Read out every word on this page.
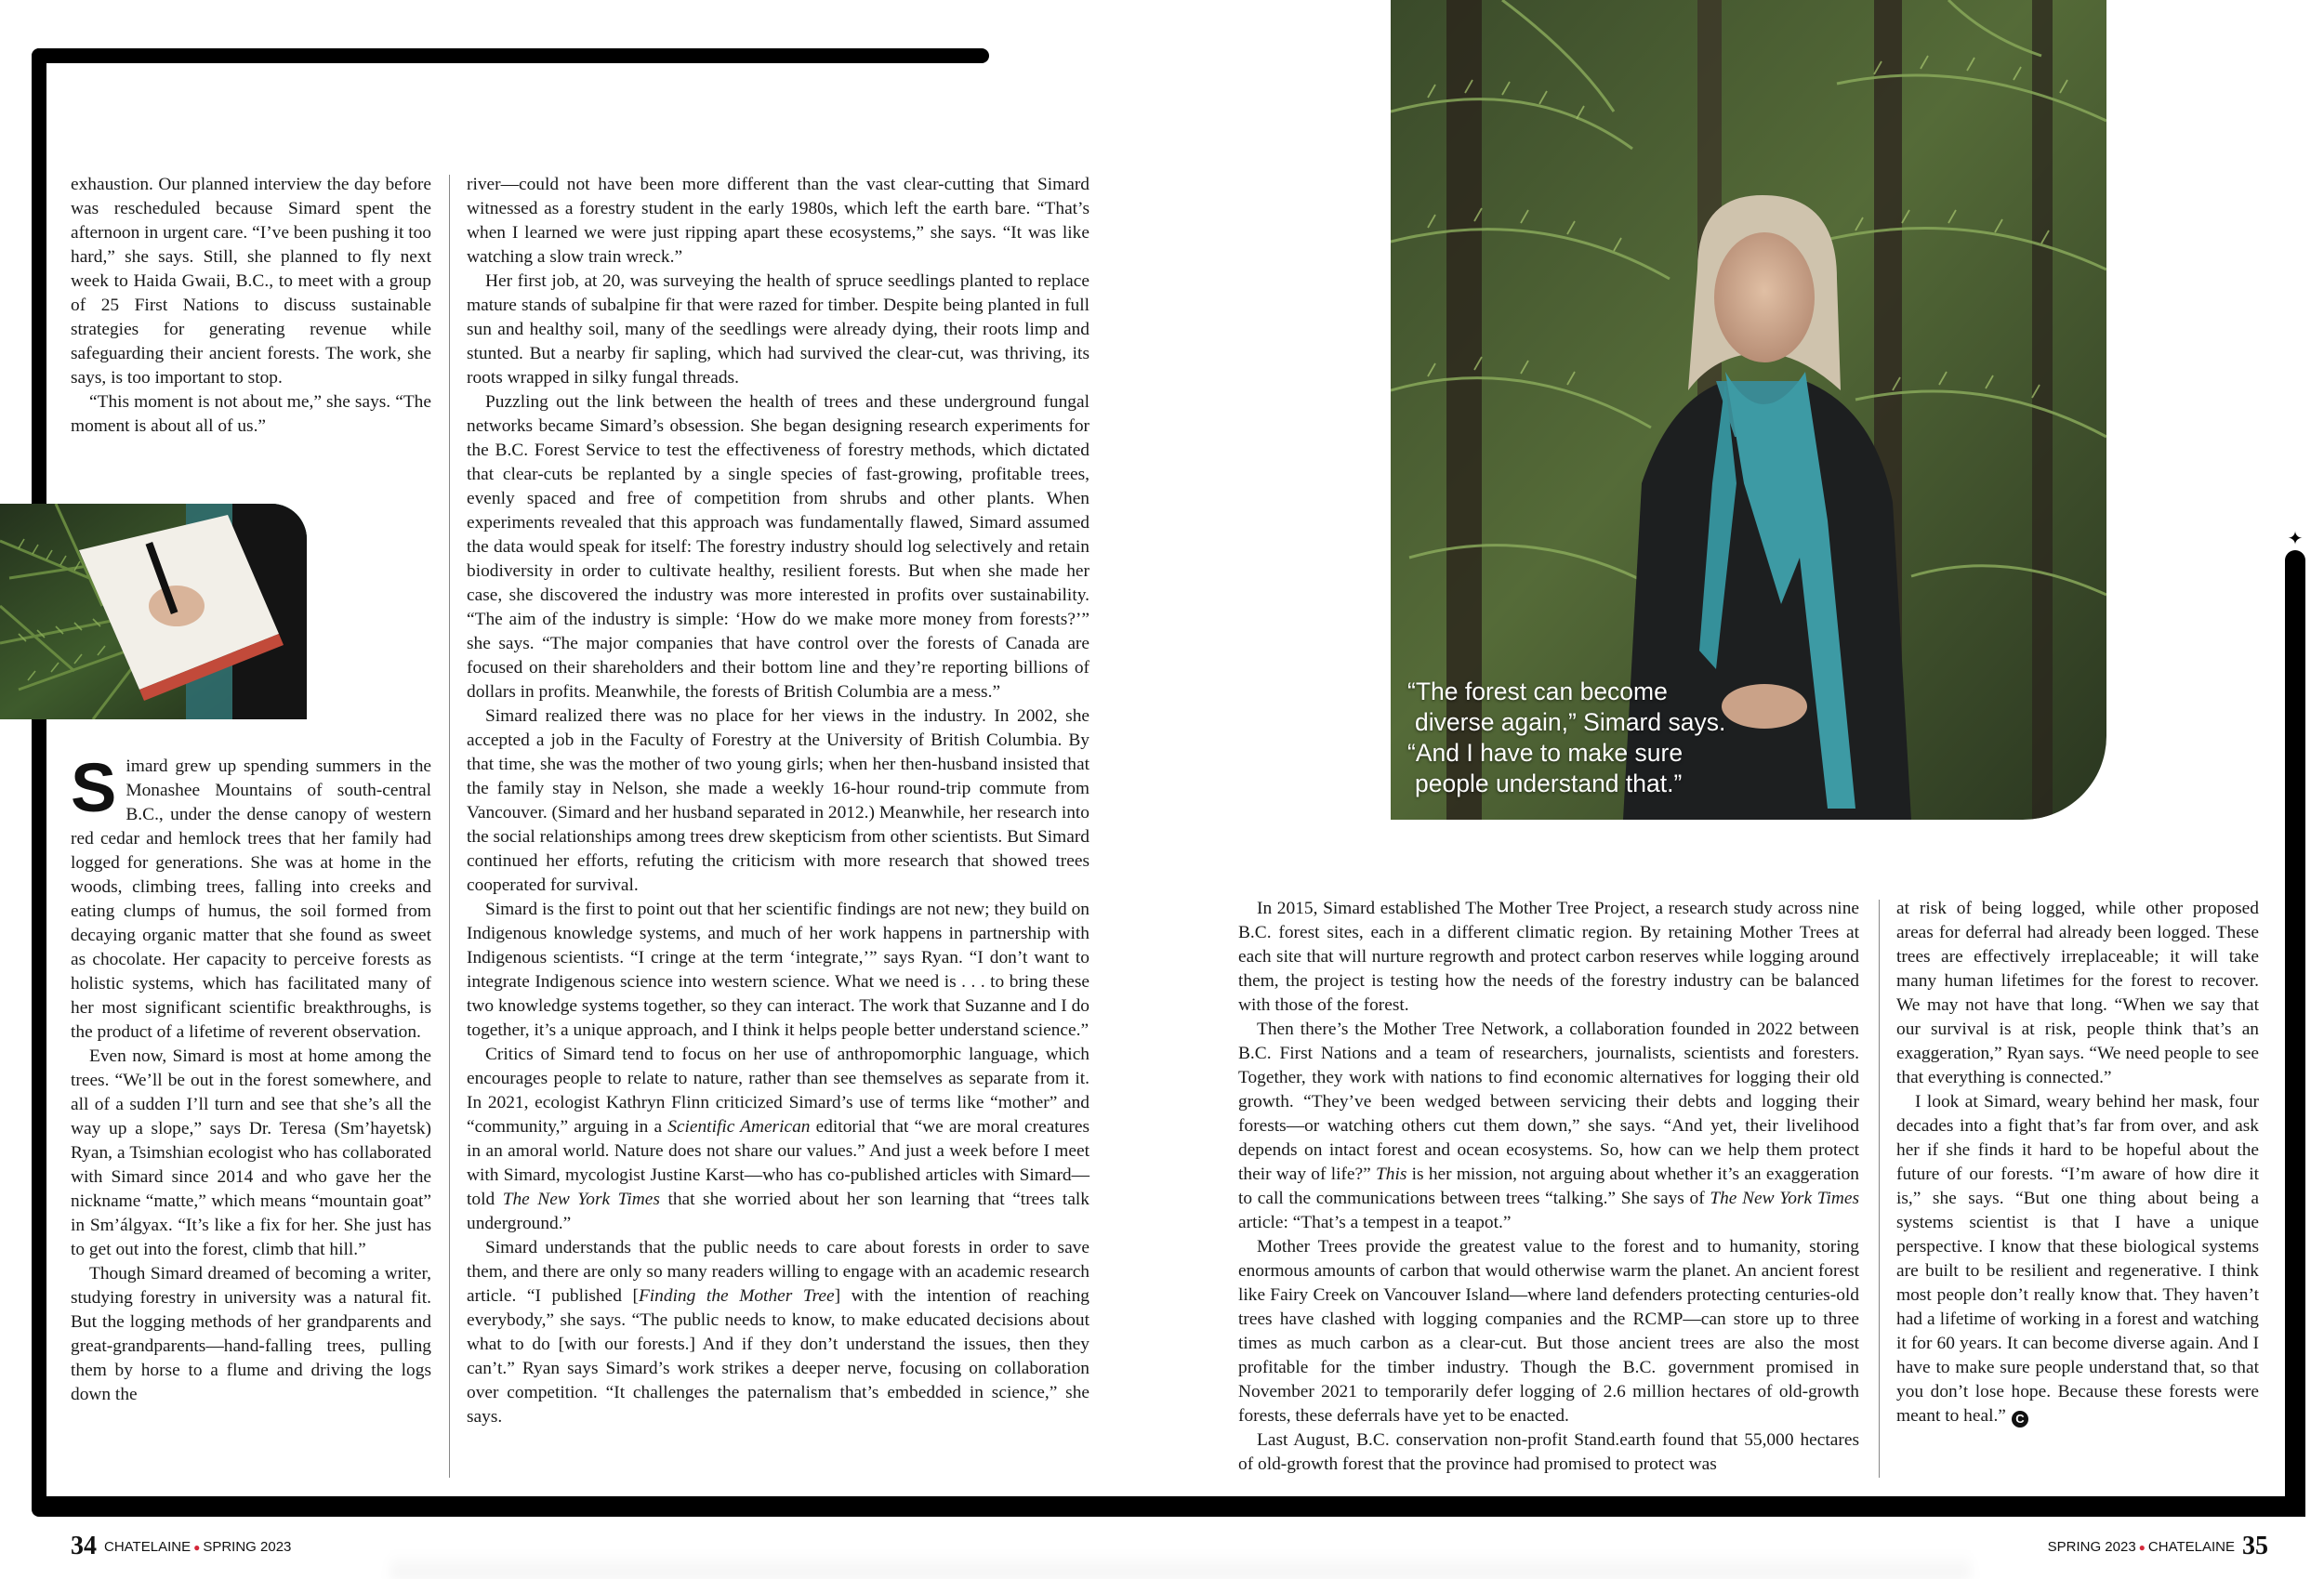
✦
“The forest can become
diverse again,” Simard says.
“And I have to make sure
people understand that.”

exhaustion. Our planned interview the day before was rescheduled because Simard spent the afternoon in urgent care. “I’ve been pushing it too hard,” she says. Still, she planned to fly next week to Haida Gwaii, B.C., to meet with a group of 25 First Nations to discuss sustainable strategies for generating revenue while safeguarding their ancient forests. The work, she says, is too important to stop.

“This moment is not about me,” she says. “The moment is about all of us.”

Simard grew up spending summers in the Monashee Mountains of south-central B.C., under the dense canopy of western red cedar and hemlock trees that her family had logged for generations. She was at home in the woods, climbing trees, falling into creeks and eating clumps of humus, the soil formed from decaying organic matter that she found as sweet as chocolate. Her capacity to perceive forests as holistic systems, which has facilitated many of her most significant scientific breakthroughs, is the product of a lifetime of reverent observation.

Even now, Simard is most at home among the trees. “We’ll be out in the forest somewhere, and all of a sudden I’ll turn and see that she’s all the way up a slope,” says Dr. Teresa (Sm’hayetsk) Ryan, a Tsimshian ecologist who has collaborated with Simard since 2014 and who gave her the nickname “matte,” which means “mountain goat” in Sm’álgyax. “It’s like a fix for her. She just has to get out into the forest, climb that hill.”

Though Simard dreamed of becoming a writer, studying forestry in university was a natural fit. But the logging methods of her grandparents and great-grandparents—hand-falling trees, pulling them by horse to a flume and driving the logs down the

river—could not have been more different than the vast clear-cutting that Simard witnessed as a forestry student in the early 1980s, which left the earth bare. “That’s when I learned we were just ripping apart these ecosystems,” she says. “It was like watching a slow train wreck.”

Her first job, at 20, was surveying the health of spruce seedlings planted to replace mature stands of subalpine fir that were razed for timber. Despite being planted in full sun and healthy soil, many of the seedlings were already dying, their roots limp and stunted. But a nearby fir sapling, which had survived the clear-cut, was thriving, its roots wrapped in silky fungal threads.

Puzzling out the link between the health of trees and these underground fungal networks became Simard’s obsession. She began designing research experiments for the B.C. Forest Service to test the effectiveness of forestry methods, which dictated that clear-cuts be replanted by a single species of fast-growing, profitable trees, evenly spaced and free of competition from shrubs and other plants. When experiments revealed that this approach was fundamentally flawed, Simard assumed the data would speak for itself: The forestry industry should log selectively and retain biodiversity in order to cultivate healthy, resilient forests. But when she made her case, she discovered the industry was more interested in profits over sustainability. “The aim of the industry is simple: ‘How do we make more money from forests?’” she says. “The major companies that have control over the forests of Canada are focused on their shareholders and their bottom line and they’re reporting billions of dollars in profits. Meanwhile, the forests of British Columbia are a mess.”

Simard realized there was no place for her views in the industry. In 2002, she accepted a job in the Faculty of Forestry at the University of British Columbia. By that time, she was the mother of two young girls; when her then-husband insisted that the family stay in Nelson, she made a weekly 16-hour round-trip commute from Vancouver. (Simard and her husband separated in 2012.) Meanwhile, her research into the social relationships among trees drew skepticism from other scientists. But Simard continued her efforts, refuting the criticism with more research that showed trees cooperated for survival.

Simard is the first to point out that her scientific findings are not new; they build on Indigenous knowledge systems, and much of her work happens in partnership with Indigenous scientists. “I cringe at the term ‘integrate,’” says Ryan. “I don’t want to integrate Indigenous science into western science. What we need is . . . to bring these two knowledge systems together, so they can interact. The work that Suzanne and I do together, it’s a unique approach, and I think it helps people better understand science.”

Critics of Simard tend to focus on her use of anthropomorphic language, which encourages people to relate to nature, rather than see themselves as separate from it. In 2021, ecologist Kathryn Flinn criticized Simard’s use of terms like “mother” and “community,” arguing in a Scientific American editorial that “we are moral creatures in an amoral world. Nature does not share our values.” And just a week before I meet with Simard, mycologist Justine Karst—who has co-published articles with Simard—told The New York Times that she worried about her son learning that “trees talk underground.”

Simard understands that the public needs to care about forests in order to save them, and there are only so many readers willing to engage with an academic research article. “I published [Finding the Mother Tree] with the intention of reaching everybody,” she says. “The public needs to know, to make educated decisions about what to do [with our forests.] And if they don’t understand the issues, then they can’t.” Ryan says Simard’s work strikes a deeper nerve, focusing on collaboration over competition. “It challenges the paternalism that’s embedded in science,” she says.

In 2015, Simard established The Mother Tree Project, a research study across nine B.C. forest sites, each in a different climatic region. By retaining Mother Trees at each site that will nurture regrowth and protect carbon reserves while logging around them, the project is testing how the needs of the forestry industry can be balanced with those of the forest.

Then there’s the Mother Tree Network, a collaboration founded in 2022 between B.C. First Nations and a team of researchers, journalists, scientists and foresters. Together, they work with nations to find economic alternatives for logging their old growth. “They’ve been wedged between servicing their debts and logging their forests—or watching others cut them down,” she says. “And yet, their livelihood depends on intact forest and ocean ecosystems. So, how can we help them protect their way of life?” This is her mission, not arguing about whether it’s an exaggeration to call the communications between trees “talking.” She says of The New York Times article: “That’s a tempest in a teapot.”

Mother Trees provide the greatest value to the forest and to humanity, storing enormous amounts of carbon that would otherwise warm the planet. An ancient forest like Fairy Creek on Vancouver Island—where land defenders protecting centuries-old trees have clashed with logging companies and the RCMP—can store up to three times as much carbon as a clear-cut. But those ancient trees are also the most profitable for the timber industry. Though the B.C. government promised in November 2021 to temporarily defer logging of 2.6 million hectares of old-growth forests, these deferrals have yet to be enacted.

Last August, B.C. conservation non-profit Stand.earth found that 55,000 hectares of old-growth forest that the province had promised to protect was

at risk of being logged, while other proposed areas for deferral had already been logged. These trees are effectively irreplaceable; it will take many human lifetimes for the forest to recover. We may not have that long. “When we say that our survival is at risk, people think that’s an exaggeration,” Ryan says. “We need people to see that everything is connected.”

I look at Simard, weary behind her mask, four decades into a fight that’s far from over, and ask her if she finds it hard to be hopeful about the future of our forests. “I’m aware of how dire it is,” she says. “But one thing about being a systems scientist is that I have a unique perspective. I know that these biological systems are built to be resilient and regenerative. I think most people don’t really know that. They haven’t had a lifetime of working in a forest and watching it for 60 years. It can become diverse again. And I have to make sure people understand that, so that you don’t lose hope. Because these forests were meant to heal.” C

34 CHATELAINE ● SPRING 2023	SPRING 2023 ● CHATELAINE 35
